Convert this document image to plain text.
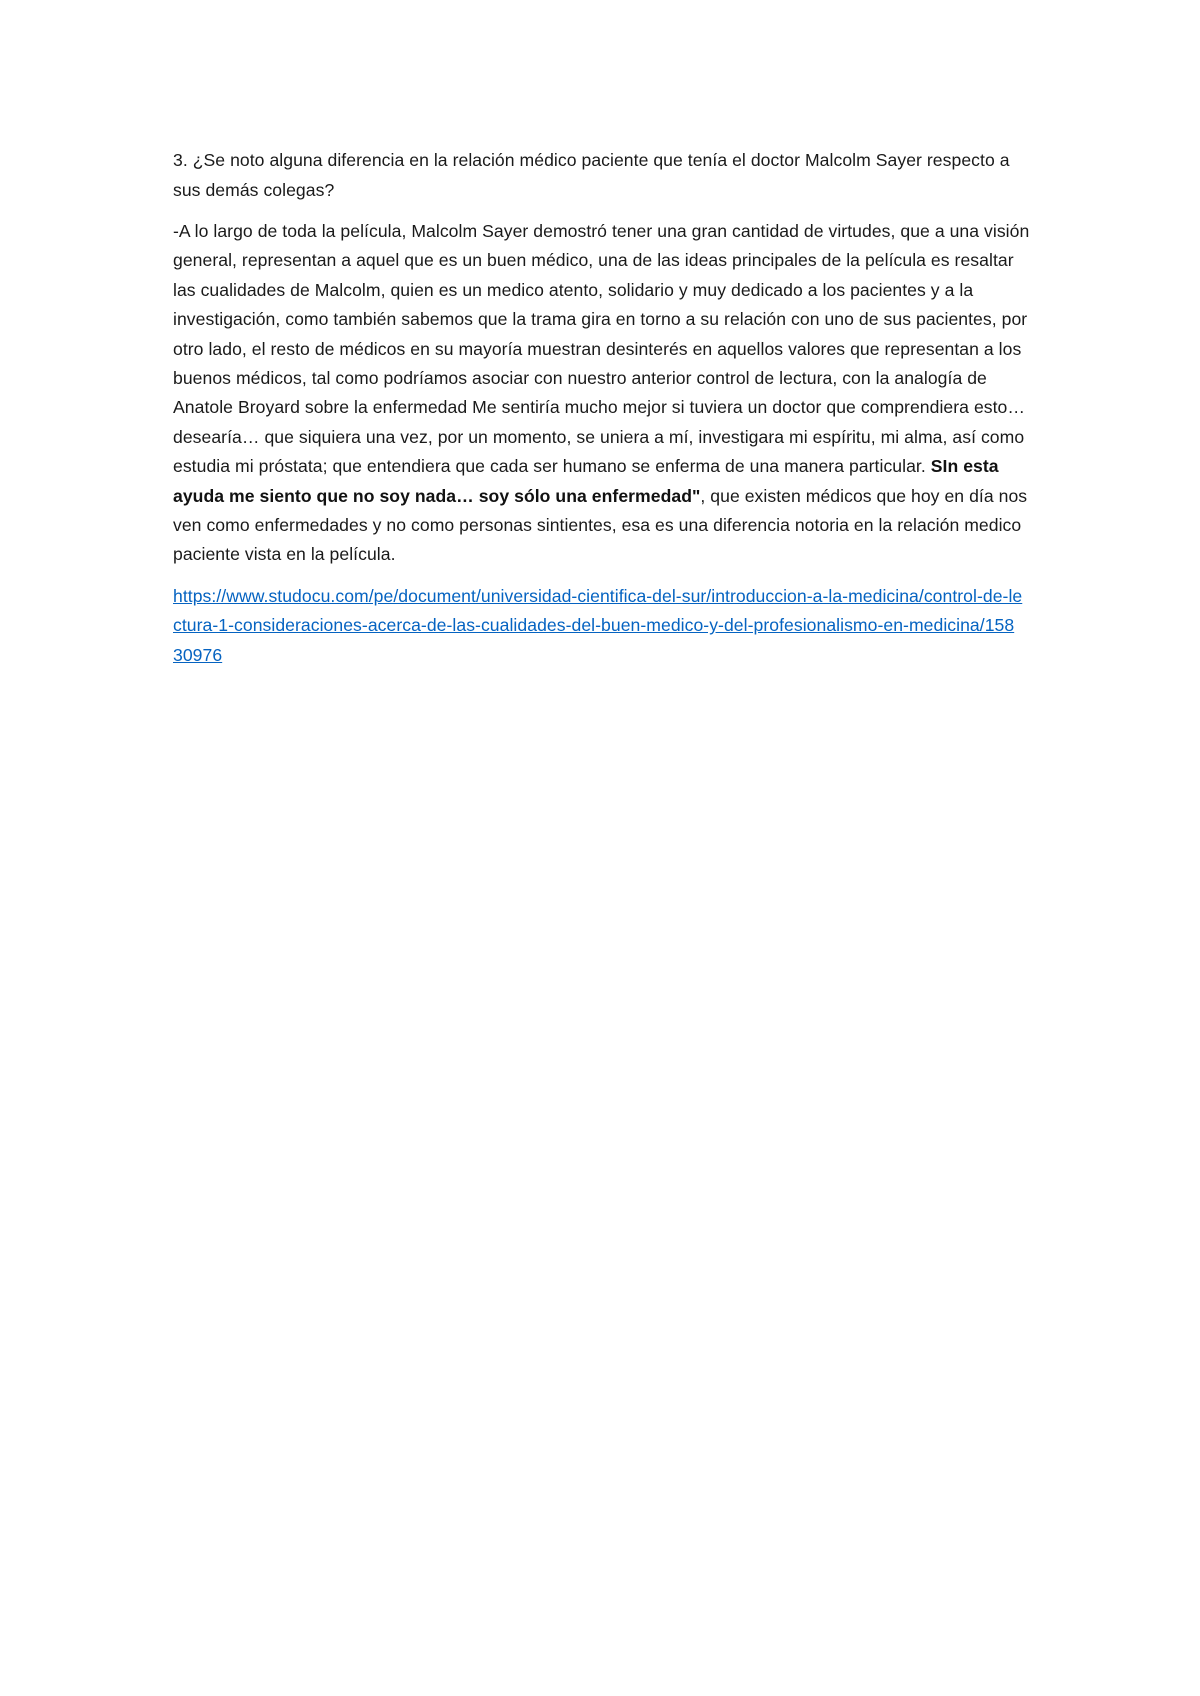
3. ¿Se noto alguna diferencia en la relación médico paciente que tenía el doctor Malcolm Sayer respecto a sus demás colegas?

-A lo largo de toda la película, Malcolm Sayer demostró tener una gran cantidad de virtudes, que a una visión general, representan a aquel que es un buen médico, una de las ideas principales de la película es resaltar las cualidades de Malcolm, quien es un medico atento, solidario y muy dedicado a los pacientes y a la investigación, como también sabemos que la trama gira en torno a su relación con uno de sus pacientes, por otro lado, el resto de médicos en su mayoría muestran desinterés en aquellos valores que representan a los buenos médicos, tal como podríamos asociar con nuestro anterior control de lectura, con la analogía de Anatole Broyard sobre la enfermedad Me sentiría mucho mejor si tuviera un doctor que comprendiera esto… desearía… que siquiera una vez, por un momento, se uniera a mí, investigara mi espíritu, mi alma, así como estudia mi próstata; que entendiera que cada ser humano se enferma de una manera particular. SIn esta ayuda me siento que no soy nada… soy sólo una enfermedad", que existen médicos que hoy en día nos ven como enfermedades y no como personas sintientes, esa es una diferencia notoria en la relación medico paciente vista en la película.

https://www.studocu.com/pe/document/universidad-cientifica-del-sur/introduccion-a-la-medicina/control-de-lectura-1-consideraciones-acerca-de-las-cualidades-del-buen-medico-y-del-profesionalismo-en-medicina/15830976
